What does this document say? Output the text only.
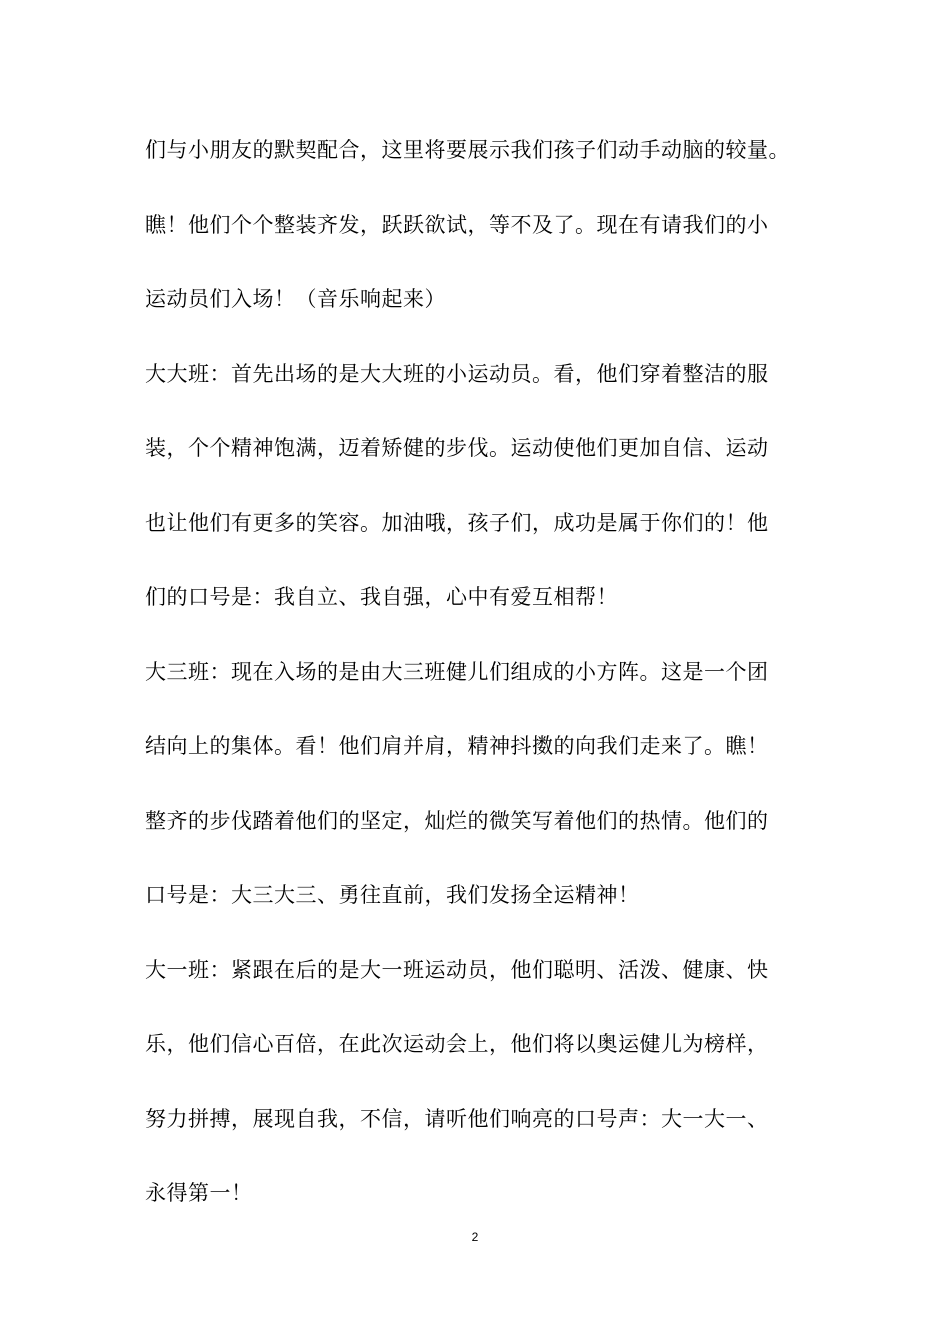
们与小朋友的默契配合，这里将要展示我们孩子们动手动脑的较量。
瞧！他们个个整装齐发，跃跃欲试，等不及了。现在有请我们的小
运动员们入场！（音乐响起来）
大大班：首先出场的是大大班的小运动员。看，他们穿着整洁的服
装，个个精神饱满，迈着矫健的步伐。运动使他们更加自信、运动
也让他们有更多的笑容。加油哦，孩子们，成功是属于你们的！他
们的口号是：我自立、我自强，心中有爱互相帮！
大三班：现在入场的是由大三班健儿们组成的小方阵。这是一个团
结向上的集体。看！他们肩并肩，精神抖擞的向我们走来了。瞧！
整齐的步伐踏着他们的坚定，灿烂的微笑写着他们的热情。他们的
口号是：大三大三、勇往直前，我们发扬全运精神！
大一班：紧跟在后的是大一班运动员，他们聪明、活泼、健康、快
乐，他们信心百倍，在此次运动会上，他们将以奥运健儿为榜样，
努力拼搏，展现自我，不信，请听他们响亮的口号声：大一大一、
永得第一！
2
